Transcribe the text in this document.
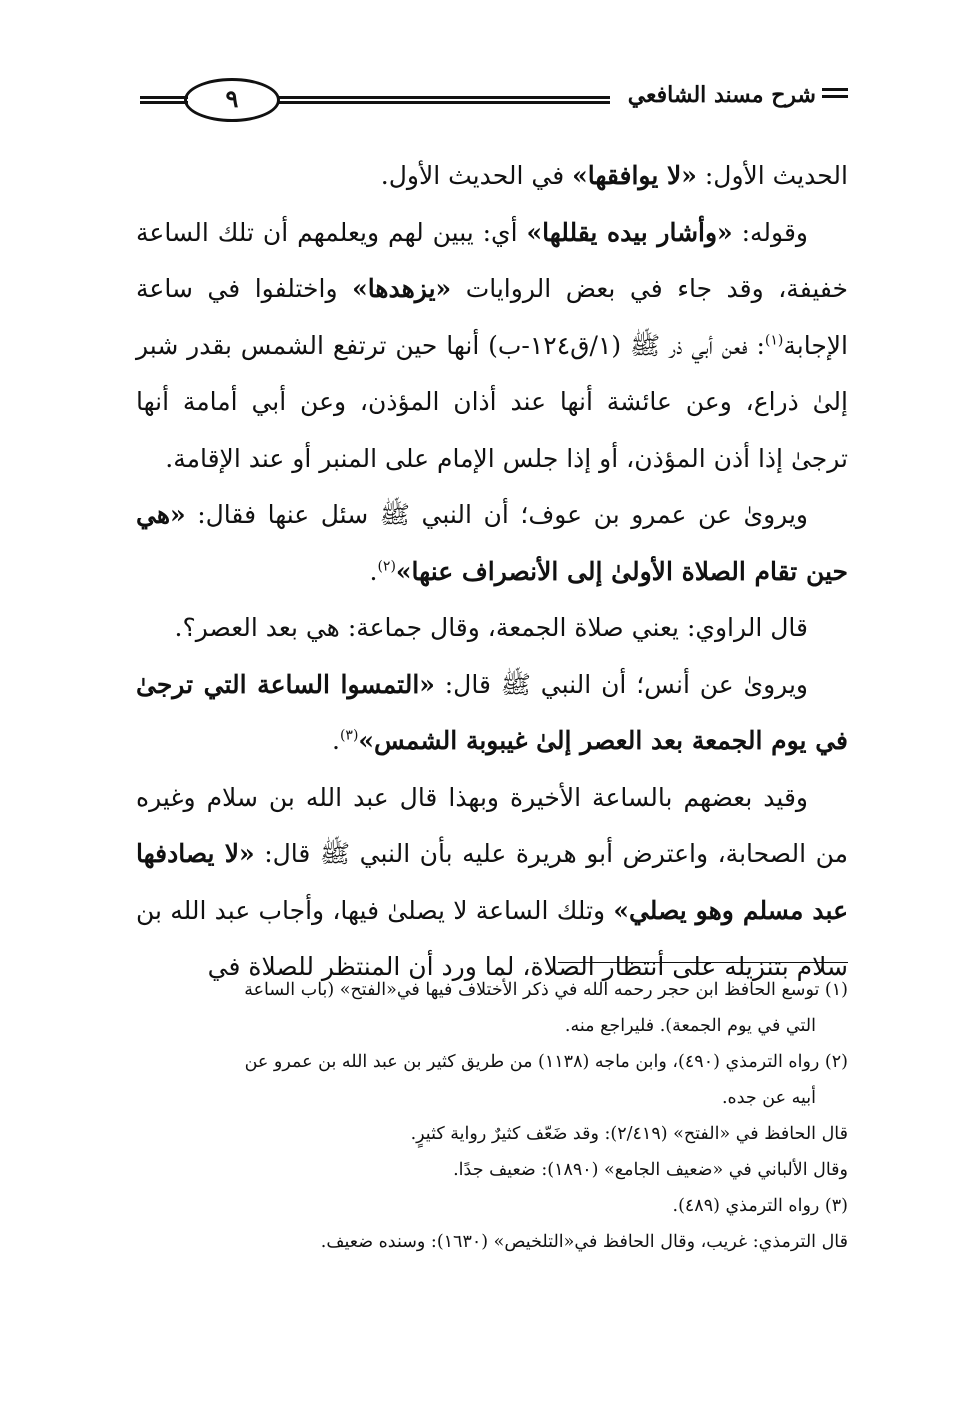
شرح مسند الشافعي
٩

الحديث الأول: «لا يوافقها» في الحديث الأول.

وقوله: «وأشار بيده يقللها» أي: يبين لهم ويعلمهم أن تلك الساعة خفيفة، وقد جاء في بعض الروايات «يزهدها» واختلفوا في ساعة الإجابة$^{(١)}$: فعن أبي ذر ﷺ (١/ق١٢٤-ب) أنها حين ترتفع الشمس بقدر شبر إلىٰ ذراع، وعن عائشة أنها عند أذان المؤذن، وعن أبي أمامة أنها ترجىٰ إذا أذن المؤذن، أو إذا جلس الإمام على المنبر أو عند الإقامة.

ويروىٰ عن عمرو بن عوف؛ أن النبي ﷺ سئل عنها فقال: «هي حين تقام الصلاة الأولىٰ إلى الأنصراف عنها»$^{(٢)}$.

قال الراوي: يعني صلاة الجمعة، وقال جماعة: هي بعد العصر؟.

ويروىٰ عن أنس؛ أن النبي ﷺ قال: «التمسوا الساعة التي ترجىٰ في يوم الجمعة بعد العصر إلىٰ غيبوبة الشمس»$^{(٣)}$.

وقيد بعضهم بالساعة الأخيرة وبهذا قال عبد الله بن سلام وغيره من الصحابة، واعترض أبو هريرة عليه بأن النبي ﷺ قال: «لا يصادفها عبد مسلم وهو يصلي» وتلك الساعة لا يصلىٰ فيها، وأجاب عبد الله بن سلام بتنزيله على أنتظار الصلاة، لما ورد أن المنتظر للصلاة في

(١) توسع الحافظ ابن حجر رحمه الله في ذكر الأختلاف فيها في«الفتح» (باب الساعة

التي في يوم الجمعة). فليراجع منه.

(٢) رواه الترمذي (٤٩٠)، وابن ماجه (١١٣٨) من طريق كثير بن عبد الله بن عمرو عن

أبيه عن جده.

قال الحافظ في «الفتح» (٢/٤١٩): وقد ضَعّف كثيرٌ رواية كثيرٍ.

وقال الألباني في «ضعيف الجامع» (١٨٩٠): ضعيف جدًا.

(٣) رواه الترمذي (٤٨٩).

قال الترمذي: غريب، وقال الحافظ في«التلخيص» (١٦٣٠): وسنده ضعيف.
